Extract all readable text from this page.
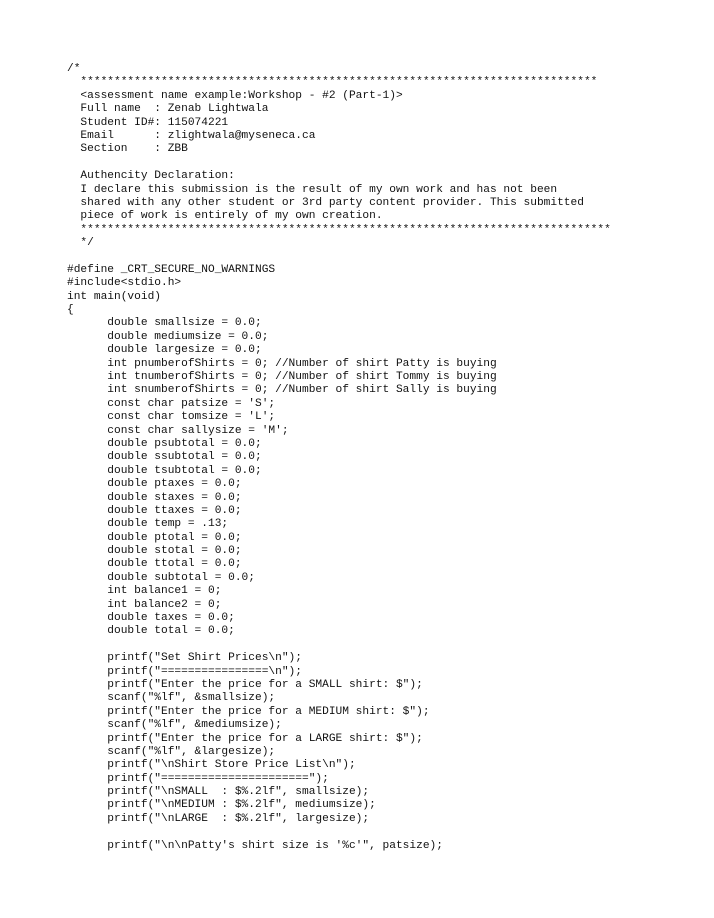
/*
*****************************************************************************
<assessment name example:Workshop - #2 (Part-1)>
Full name  : Zenab Lightwala
Student ID#: 115074221
Email      : zlightwala@myseneca.ca
Section    : ZBB
Authencity Declaration:
I declare this submission is the result of my own work and has not been
shared with any other student or 3rd party content provider. This submitted
piece of work is entirely of my own creation.
*******************************************************************************
*/
#define _CRT_SECURE_NO_WARNINGS
#include<stdio.h>
int main(void)
{
double smallsize = 0.0;
double mediumsize = 0.0;
double largesize = 0.0;
int pnumberofShirts = 0; //Number of shirt Patty is buying
int tnumberofShirts = 0; //Number of shirt Tommy is buying
int snumberofShirts = 0; //Number of shirt Sally is buying
const char patsize = 'S';
const char tomsize = 'L';
const char sallysize = 'M';
double psubtotal = 0.0;
double ssubtotal = 0.0;
double tsubtotal = 0.0;
double ptaxes = 0.0;
double staxes = 0.0;
double ttaxes = 0.0;
double temp = .13;
double ptotal = 0.0;
double stotal = 0.0;
double ttotal = 0.0;
double subtotal = 0.0;
int balance1 = 0;
int balance2 = 0;
double taxes = 0.0;
double total = 0.0;
printf("Set Shirt Prices\n");
printf("================\n");
printf("Enter the price for a SMALL shirt: $");
scanf("%lf", &smallsize);
printf("Enter the price for a MEDIUM shirt: $");
scanf("%lf", &mediumsize);
printf("Enter the price for a LARGE shirt: $");
scanf("%lf", &largesize);
printf("\nShirt Store Price List\n");
printf("======================");
printf("\nSMALL  : $%.2lf", smallsize);
printf("\nMEDIUM : $%.2lf", mediumsize);
printf("\nLARGE  : $%.2lf", largesize);
printf("\n\nPatty's shirt size is '%c'", patsize);
